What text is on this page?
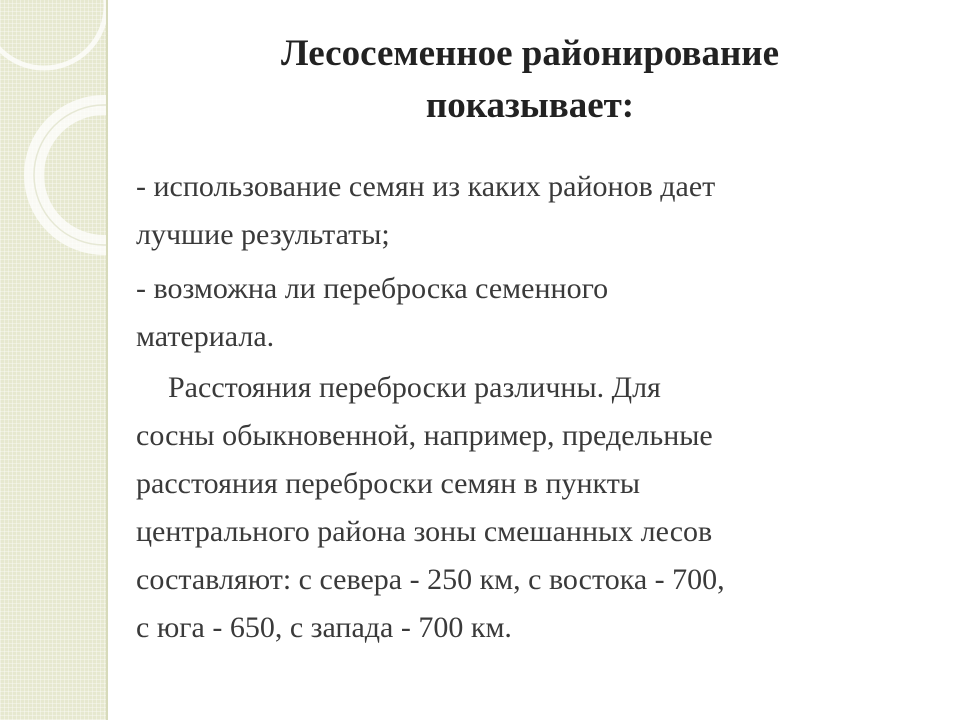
Лесосеменное районирование
показывает:

- использование семян из каких районов дает
лучшие результаты;

- возможна ли переброска семенного
материала.

Расстояния переброски различны. Для
сосны обыкновенной, например, предельные
расстояния переброски семян в пункты
центрального района зоны смешанных лесов
составляют: с севера - 250 км, с востока - 700,
с юга - 650, с запада - 700 км.
